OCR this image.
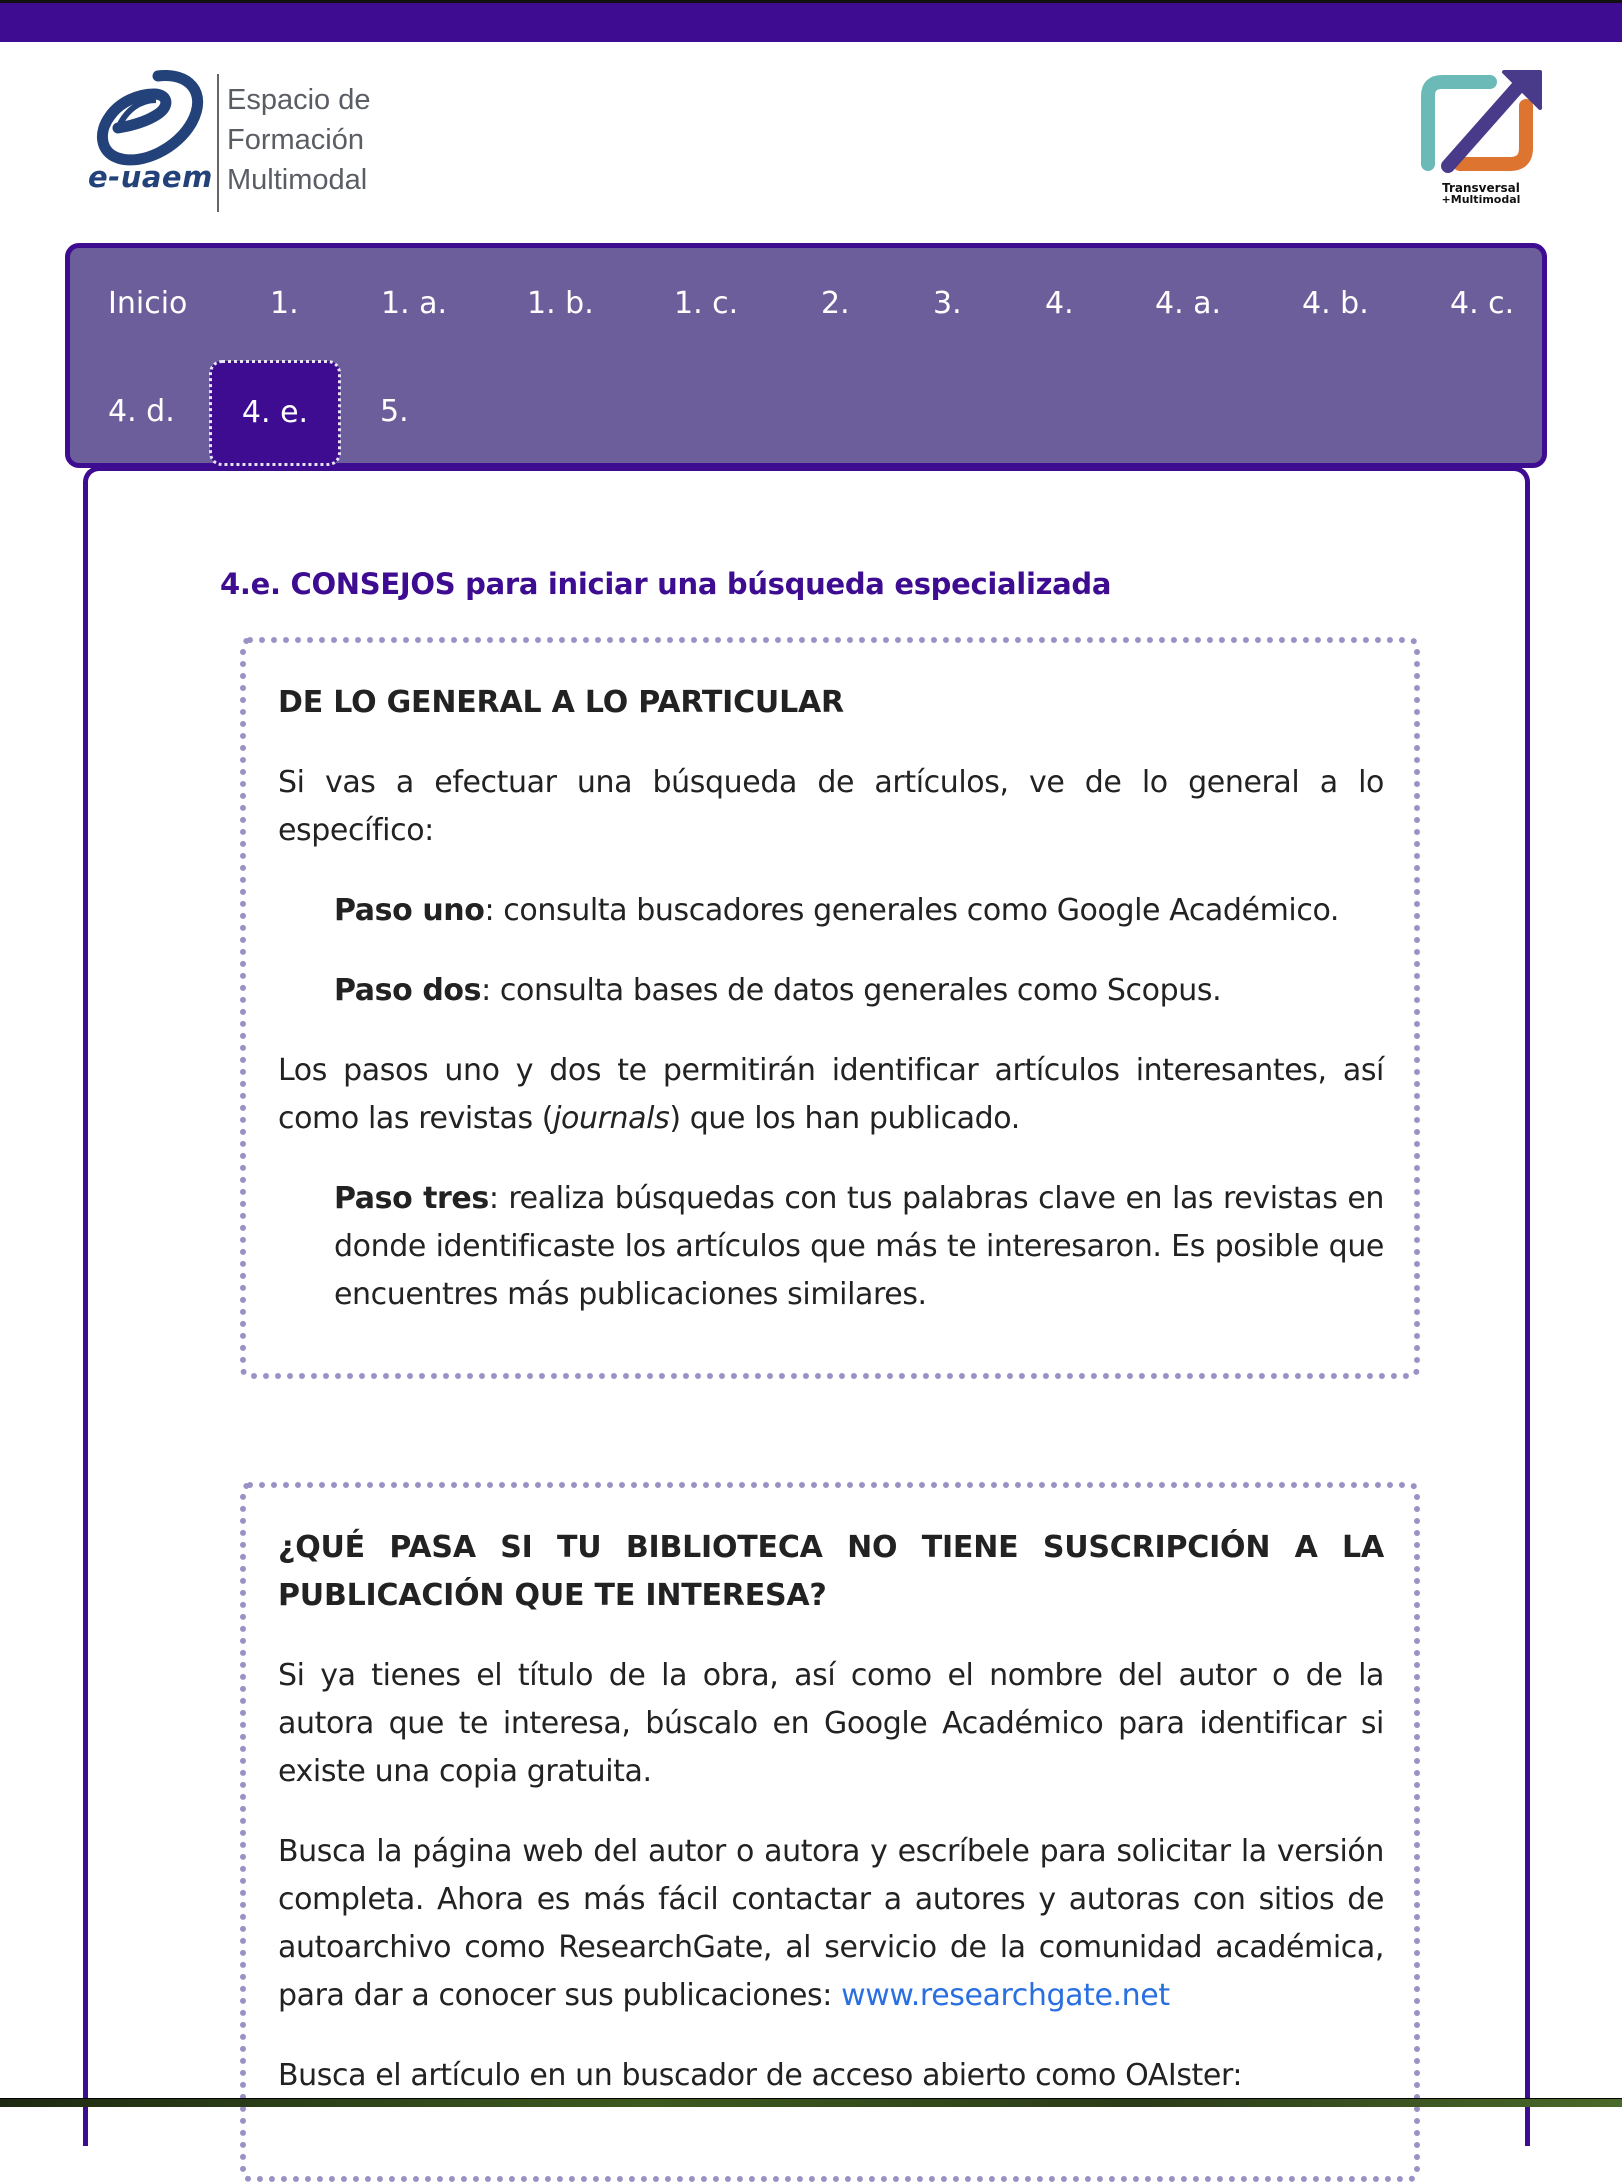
e-uaem
Espacio de
Formación
Multimodal	Transversal
+Multimodal
Inicio	1.	1. a.	1. b.	1. c.	2.	3.	4.	4. a.	4. b.	4. c.
4. d.	4. e.	5.
4.e. CONSEJOS para iniciar una búsqueda especializada
DE LO GENERAL A LO PARTICULAR

Si vas a efectuar una búsqueda de artículos, ve de lo general a lo específico:

Paso uno: consulta buscadores generales como Google Académico.

Paso dos: consulta bases de datos generales como Scopus.

Los pasos uno y dos te permitirán identificar artículos interesantes, así como las revistas (journals) que los han publicado.

Paso tres: realiza búsquedas con tus palabras clave en las revistas en donde identificaste los artículos que más te interesaron. Es posible que encuentres más publicaciones similares.

¿QUÉ PASA SI TU BIBLIOTECA NO TIENE SUSCRIPCIÓN A LA PUBLICACIÓN QUE TE INTERESA?

Si ya tienes el título de la obra, así como el nombre del autor o de la autora que te interesa, búscalo en Google Académico para identificar si existe una copia gratuita.

Busca la página web del autor o autora y escríbele para solicitar la versión completa. Ahora es más fácil contactar a autores y autoras con sitios de autoarchivo como ResearchGate, al servicio de la comunidad académica, para dar a conocer sus publicaciones: www.researchgate.net

Busca el artículo en un buscador de acceso abierto como OAIster:
